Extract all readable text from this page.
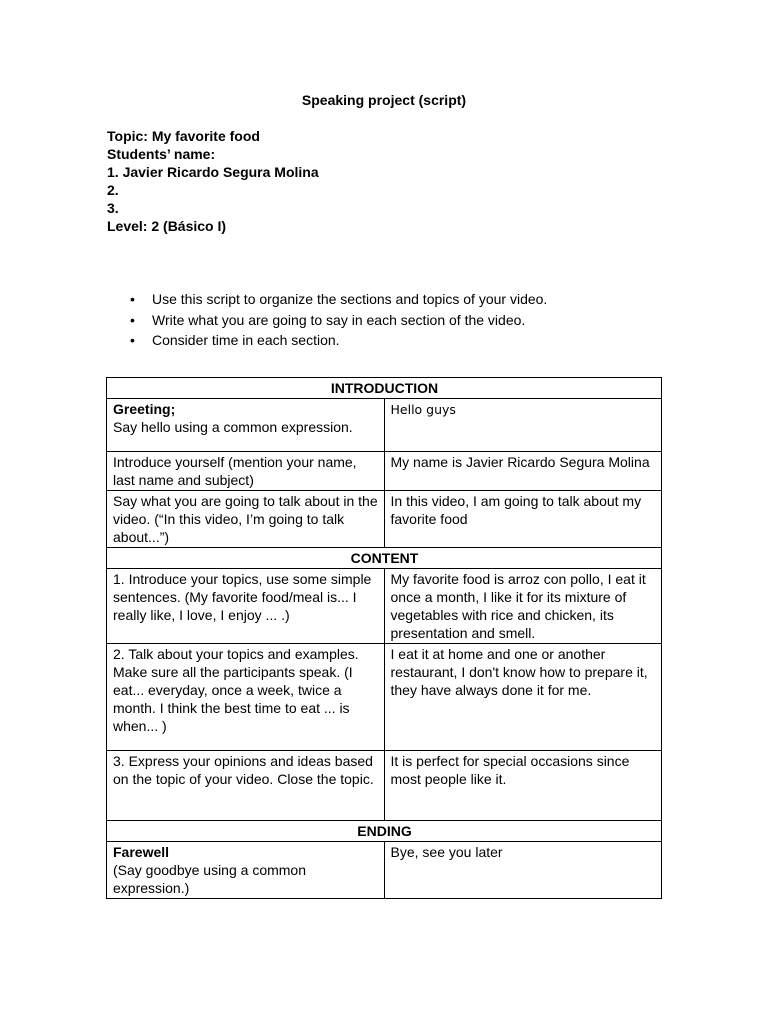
Speaking project (script)
Topic: My favorite food
Students’ name:
1. Javier Ricardo Segura Molina
2.
3.
Level: 2 (Básico I)
• Use this script to organize the sections and topics of your video.
• Write what you are going to say in each section of the video.
• Consider time in each section.
INTRODUCTION	

Greeting;
Say hello using a common expression.	Hello guys
Introduce yourself (mention your name, last name and subject)	My name is Javier Ricardo Segura Molina
Say what you are going to talk about in the video. (“In this video, I’m going to talk about...”)	In this video, I am going to talk about my favorite food
CONTENT	
1. Introduce your topics, use some simple sentences. (My favorite food/meal is... I really like, I love, I enjoy ... .)	My favorite food is arroz con pollo, I eat it once a month, I like it for its mixture of vegetables with rice and chicken, its presentation and smell.
2. Talk about your topics and examples. Make sure all the participants speak. (I eat... everyday, once a week, twice a month. I think the best time to eat ... is when... )	I eat it at home and one or another restaurant, I don't know how to prepare it, they have always done it for me.
3. Express your opinions and ideas based on the topic of your video. Close the topic.	It is perfect for special occasions since most people like it.
ENDING	

Farewell
(Say goodbye using a common expression.)	Bye, see you later
